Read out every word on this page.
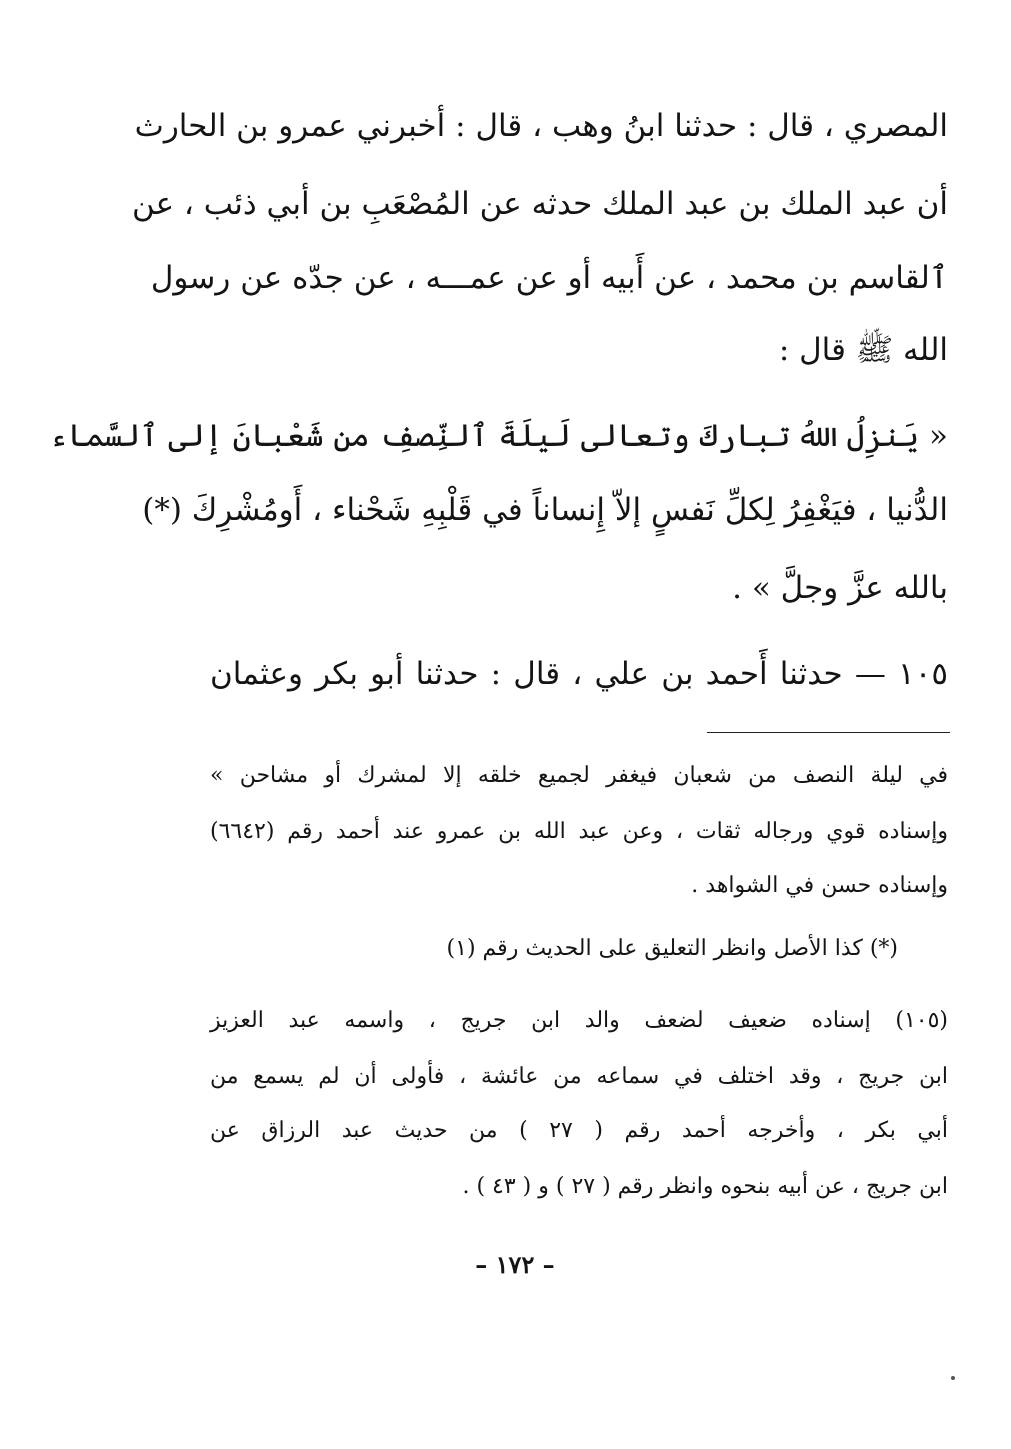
المصري ، قال : حدثنا ابنُ وهب ، قال : أخبرني عمرو بن الحارث
أن عبد الملك بن عبد الملك حدثه عن المُصْعَبِ بن أبي ذئب ، عن
ٱلقاسم بن محمد ، عن أَبيه أو عن عمـــه ، عن جدّه عن رسول
الله ﷺ قال :
« يَنزِلُ اللهُ تباركَ وتعالى لَيلَةَ ٱلنِّصفِ من شَعْبانَ إلى ٱلسَّماء
الدُّنيا ، فيَغْفِرُ لِكلِّ نَفسٍ إلاّ إِنساناً في قَلْبِهِ شَحْناء ، أَومُشْرِكَ (*)
بالله عزَّ وجلَّ » .
١٠٥ — حدثنا أَحمد بن علي ، قال : حدثنا أبو بكر وعثمان
في ليلة النصف من شعبان فيغفر لجميع خلقه إلا لمشرك أو مشاحن »
وإسناده قوي ورجاله ثقات ، وعن عبد الله بن عمرو عند أحمد رقم (٦٦٤٢)
وإسناده حسن في الشواهد .
(*) كذا الأصل وانظر التعليق على الحديث رقم (١)
(١٠٥) إسناده ضعيف لضعف والد ابن جريج ، واسمه عبد العزيز
ابن جريج ، وقد اختلف في سماعه من عائشة ، فأولى أن لم يسمع من
أبي بكر ، وأخرجه أحمد رقم ( ٢٧ ) من حديث عبد الرزاق عن
ابن جريج ، عن أبيه بنحوه وانظر رقم ( ٢٧ ) و ( ٤٣ ) .
– ١٧٢ –
